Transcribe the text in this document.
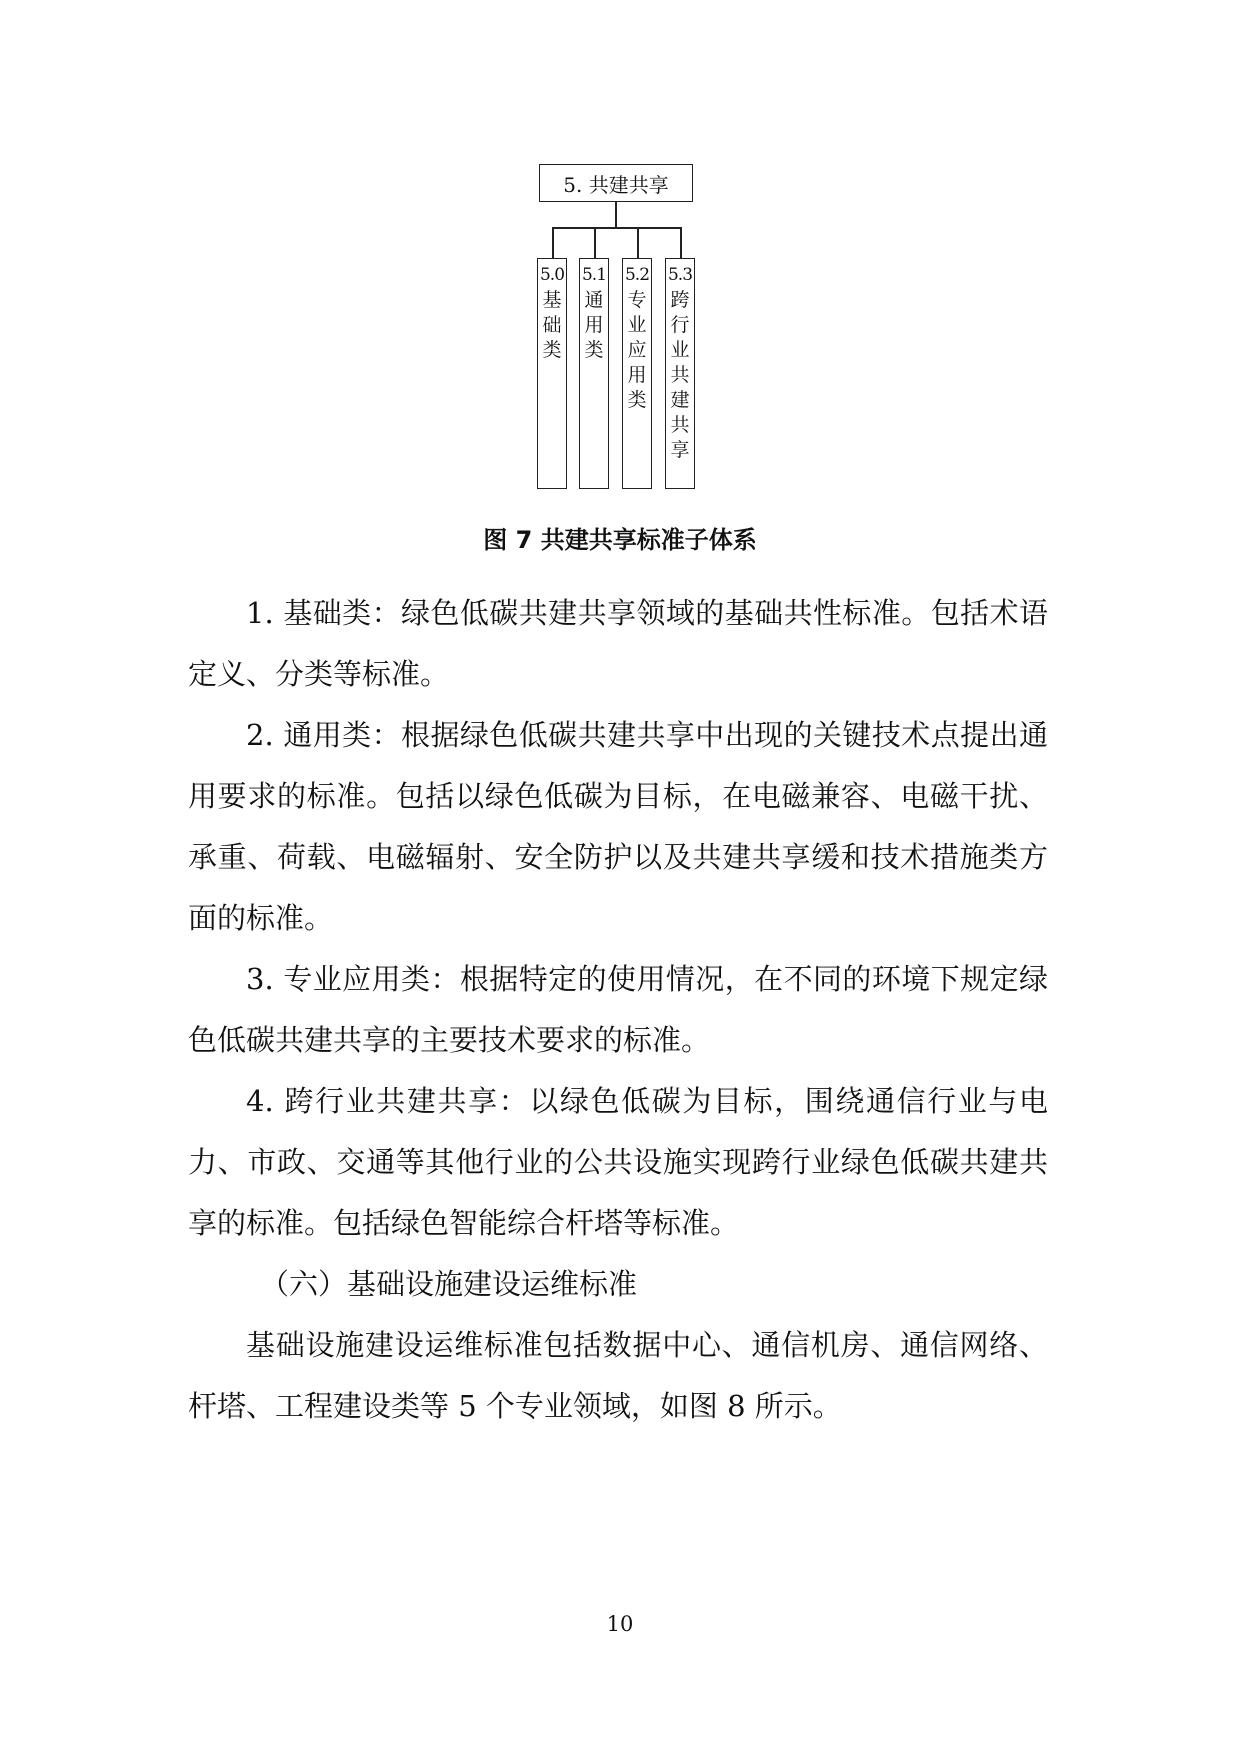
5. 共建共享
5.0
基
础
类
5.1
通
用
类
5.2
专
业
应
用
类
5.3
跨
行
业
共
建
共
享
图 7 共建共享标准子体系

1. 基础类：绿色低碳共建共享领域的基础共性标准。包括术语定义、分类等标准。

2. 通用类：根据绿色低碳共建共享中出现的关键技术点提出通用要求的标准。包括以绿色低碳为目标，在电磁兼容、电磁干扰、承重、荷载、电磁辐射、安全防护以及共建共享缓和技术措施类方面的标准。

3. 专业应用类：根据特定的使用情况，在不同的环境下规定绿色低碳共建共享的主要技术要求的标准。

4. 跨行业共建共享：以绿色低碳为目标，围绕通信行业与电力、市政、交通等其他行业的公共设施实现跨行业绿色低碳共建共享的标准。包括绿色智能综合杆塔等标准。

（六）基础设施建设运维标准

基础设施建设运维标准包括数据中心、通信机房、通信网络、杆塔、工程建设类等 5 个专业领域，如图 8 所示。

10
